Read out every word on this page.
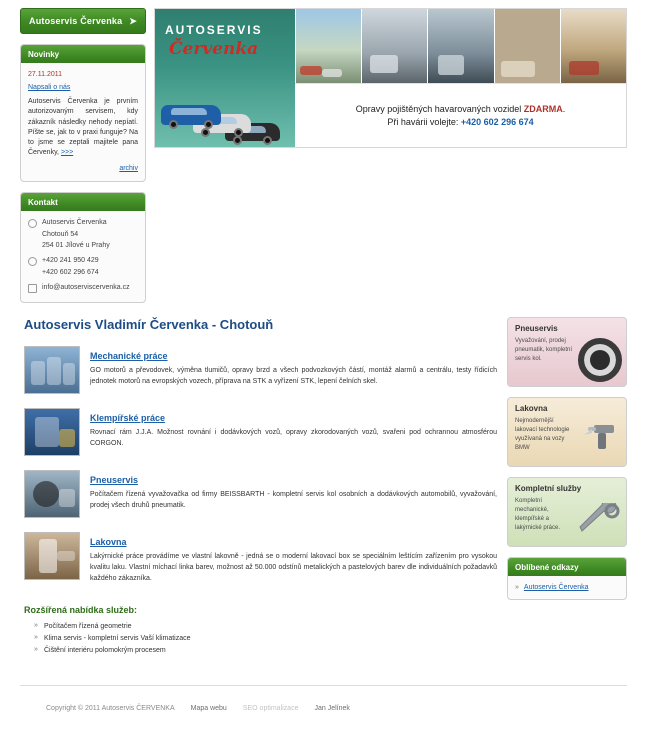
Autoservis Červenka ➤
Novinky
27.11.2011
Napsali o nás
Autoservis Červenka je prvním autorizovaným servisem, kdy zákazník následky nehody nepíatí. Píšte se, jak to v praxi funguje? Na to jsme se zeptali majitele pana Červenky, >>>
archiv
Kontakt
Autoservis Červenka
Chotouň 54
254 01 Jílové u Prahy
+420 241 950 429
+420 602 296 674
info@autoserviscervenka.cz
AUTOSERVIS
Červenka
Opravy pojištěných havarovaných vozidel ZDARMA.
Při havárii volejte: +420 602 296 674
Autoservis Vladimír Červenka - Chotouň
Mechanické práce
GO motorů a převodovek, výměna tlumičů, opravy brzd a všech podvozkových částí, montáž alarmů a centrálu, testy řídicích jednotek motorů na evropských vozech, příprava na STK a vyřízení STK, lepení čelních skel.
Klempířské práce
Rovnací rám J.J.A. Možnost rovnání i dodávkových vozů, opravy zkorodovaných vozů, svařeni pod ochrannou atmosférou CORGON.
Pneuservis
Počítačem řízená vyvažovačka od firmy BEISSBARTH - kompletní servis kol osobních a dodávkových automobilů, vyvažování, prodej všech druhů pneumatik.
Lakovna
Lakýrnické práce provádíme ve vlastní lakovně - jedná se o moderní lakovací box se speciálním leštícím zařízením pro vysokou kvalitu laku. Vlastní míchací linka barev, možnost až 50.000 odstínů metalických a pastelových barev dle individuálních požadavků každého zákazníka.
Rozšířená nabídka služeb:
» Počítačem řízená geometrie
» Klima servis - kompletní servis Vaší klimatizace
» Čištění interiéru polomokrým procesem
Pneuservis
Vyvažování, prodej pneumatik, kompletní servis kol.
Lakovna
Nejmodernější lakovací technologie využívaná na vozy BMW
Kompletní služby
Kompletní mechanické, klempířské a lakýrnické práce.
Oblíbené odkazy
» Autoservis Červenka
Copyright © 2011 Autoservis ČERVENKA Mapa webu SEO optimalizace Jan Jelínek
